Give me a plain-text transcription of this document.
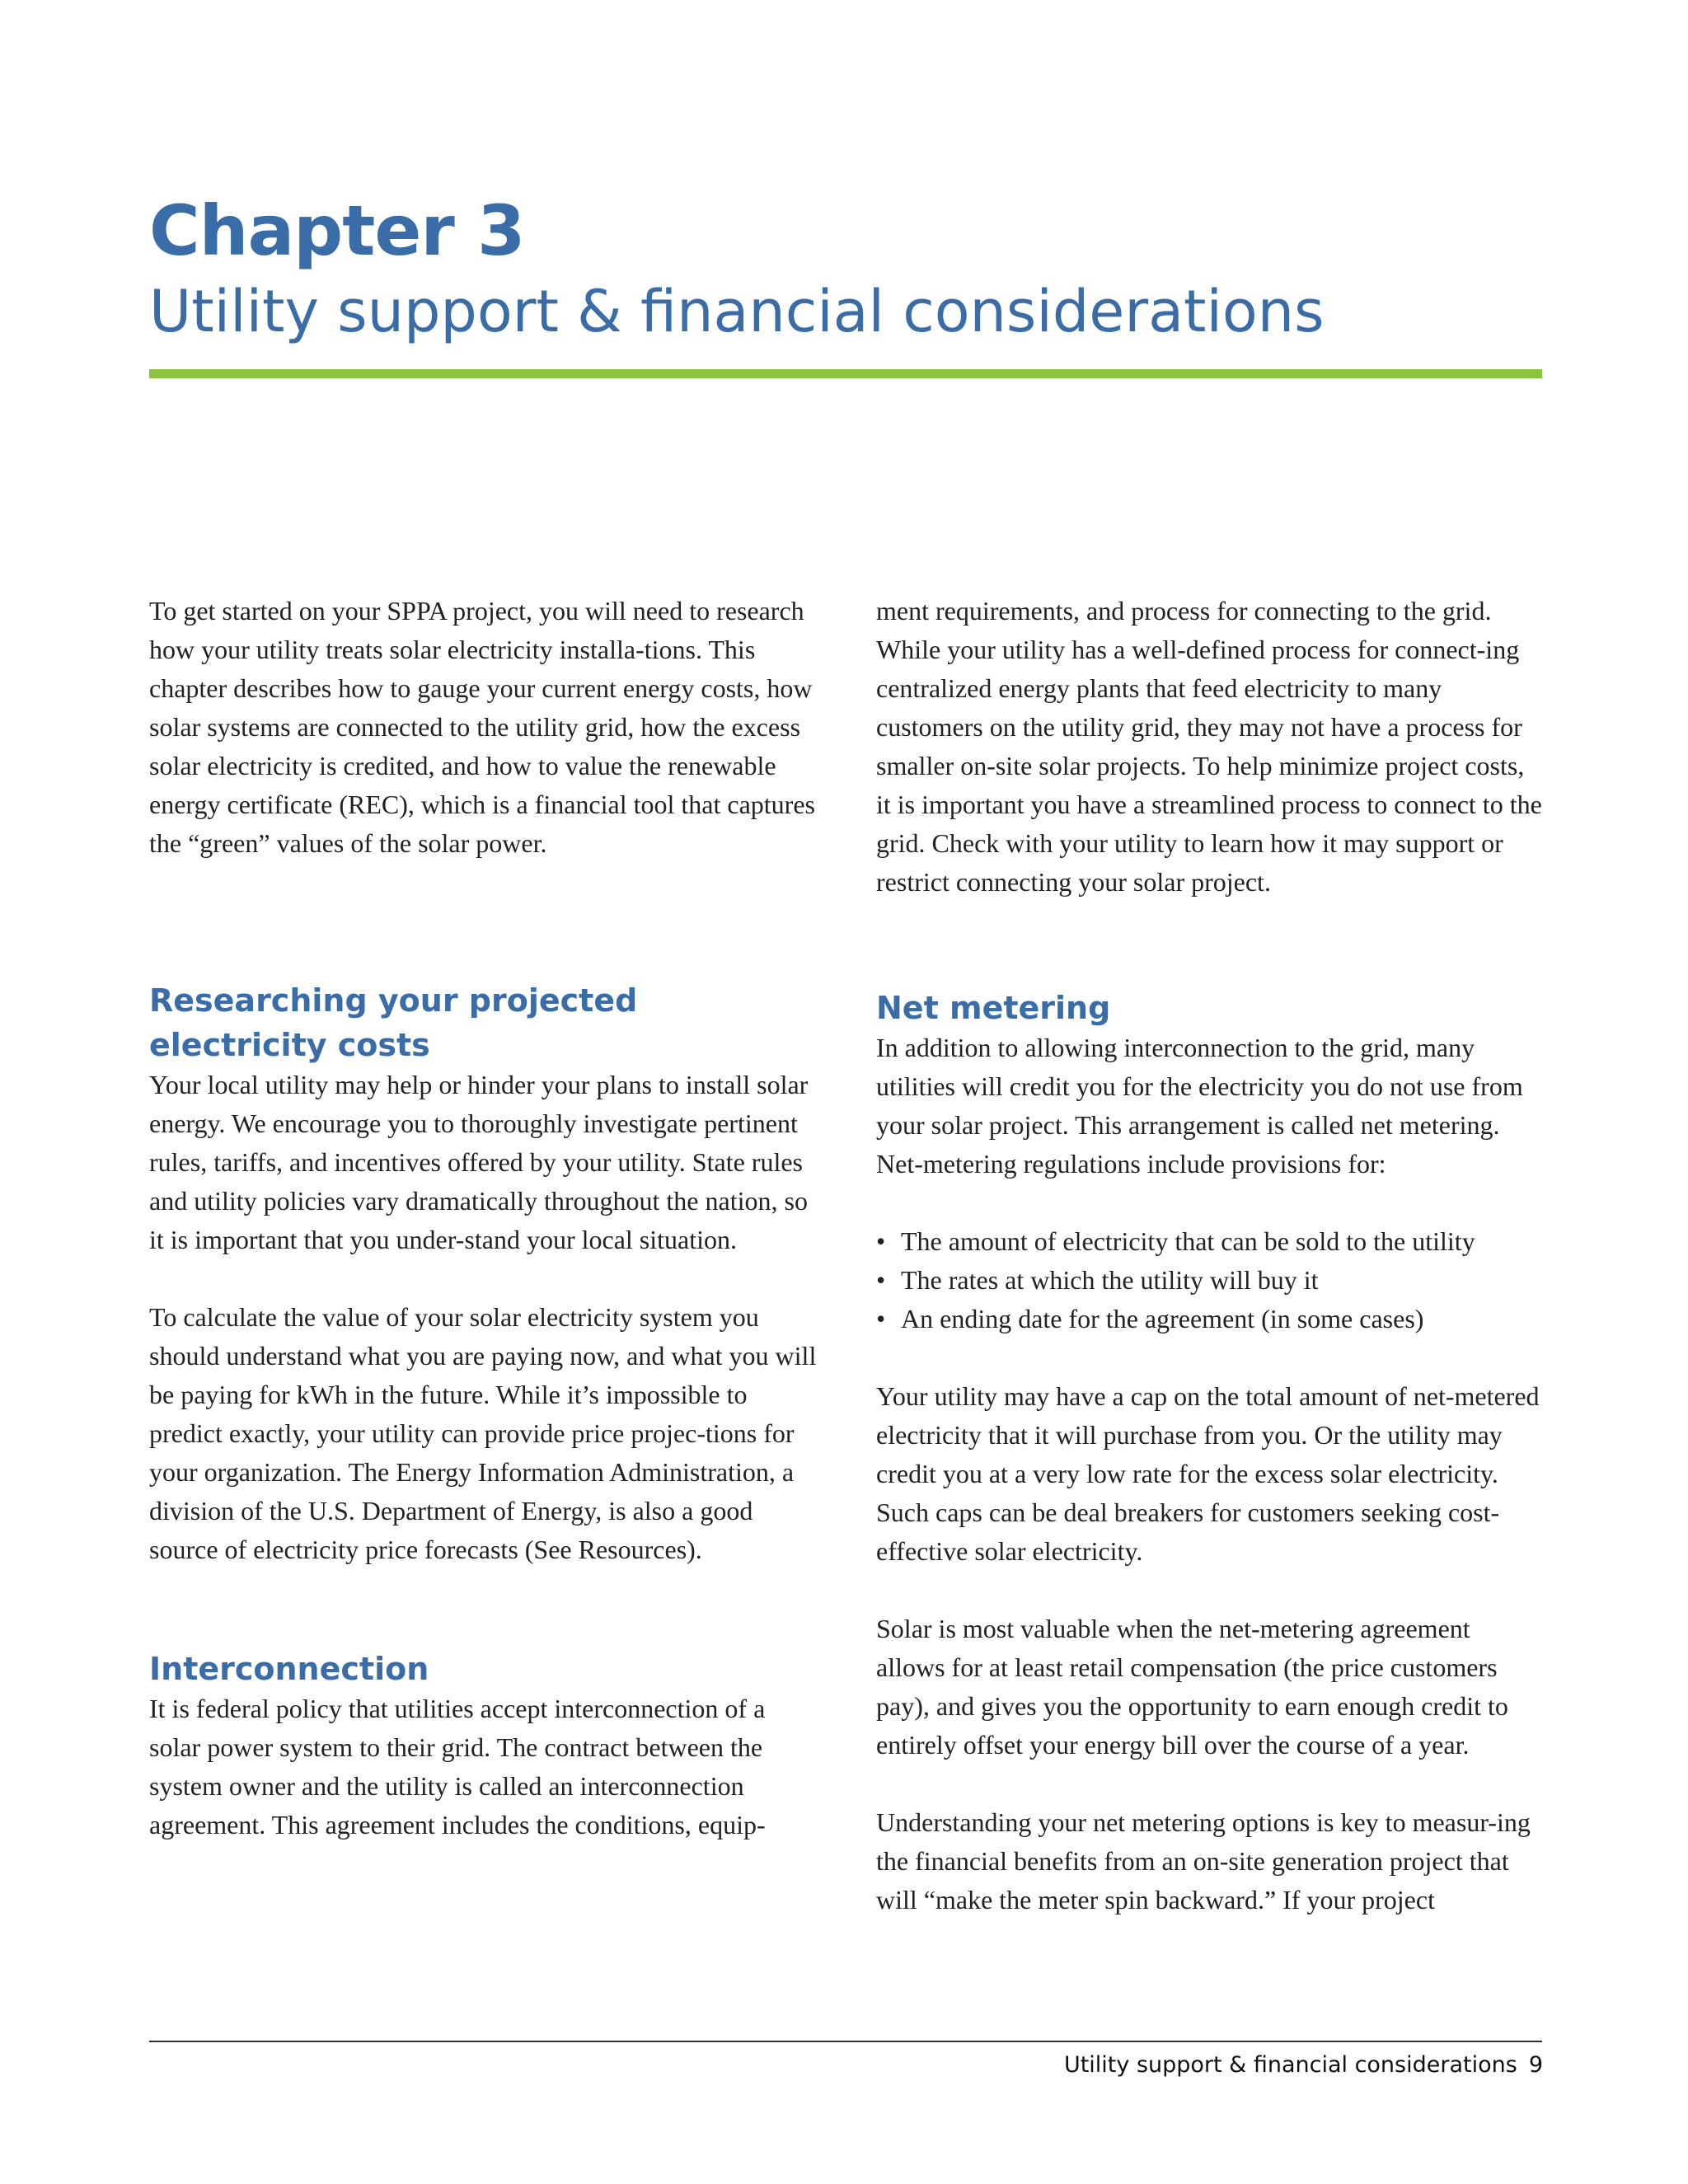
Chapter 3
Utility support & financial considerations

To get started on your SPPA project, you will need to research how your utility treats solar electricity installa-tions. This chapter describes how to gauge your current energy costs, how solar systems are connected to the utility grid, how the excess solar electricity is credited, and how to value the renewable energy certificate (REC), which is a financial tool that captures the “green” values of the solar power.

ment requirements, and process for connecting to the grid. While your utility has a well-defined process for connect-ing centralized energy plants that feed electricity to many customers on the utility grid, they may not have a process for smaller on-site solar projects. To help minimize project costs, it is important you have a streamlined process to connect to the grid. Check with your utility to learn how it may support or restrict connecting your solar project.

Researching your projected electricity costs

Your local utility may help or hinder your plans to install solar energy. We encourage you to thoroughly investigate pertinent rules, tariffs, and incentives offered by your utility. State rules and utility policies vary dramatically throughout the nation, so it is important that you under-stand your local situation.

To calculate the value of your solar electricity system you should understand what you are paying now, and what you will be paying for kWh in the future. While it’s impossible to predict exactly, your utility can provide price projec-tions for your organization. The Energy Information Administration, a division of the U.S. Department of Energy, is also a good source of electricity price forecasts (See Resources).

Interconnection

It is federal policy that utilities accept interconnection of a solar power system to their grid. The contract between the system owner and the utility is called an interconnection agreement. This agreement includes the conditions, equip-

Net metering

In addition to allowing interconnection to the grid, many utilities will credit you for the electricity you do not use from your solar project. This arrangement is called net metering. Net-metering regulations include provisions for:

• The amount of electricity that can be sold to the utility
• The rates at which the utility will buy it
• An ending date for the agreement (in some cases)

Your utility may have a cap on the total amount of net-metered electricity that it will purchase from you. Or the utility may credit you at a very low rate for the excess solar electricity. Such caps can be deal breakers for customers seeking cost-effective solar electricity.

Solar is most valuable when the net-metering agreement allows for at least retail compensation (the price customers pay), and gives you the opportunity to earn enough credit to entirely offset your energy bill over the course of a year.

Understanding your net metering options is key to measur-ing the financial benefits from an on-site generation project that will “make the meter spin backward.” If your project

Utility support & financial considerations 9
